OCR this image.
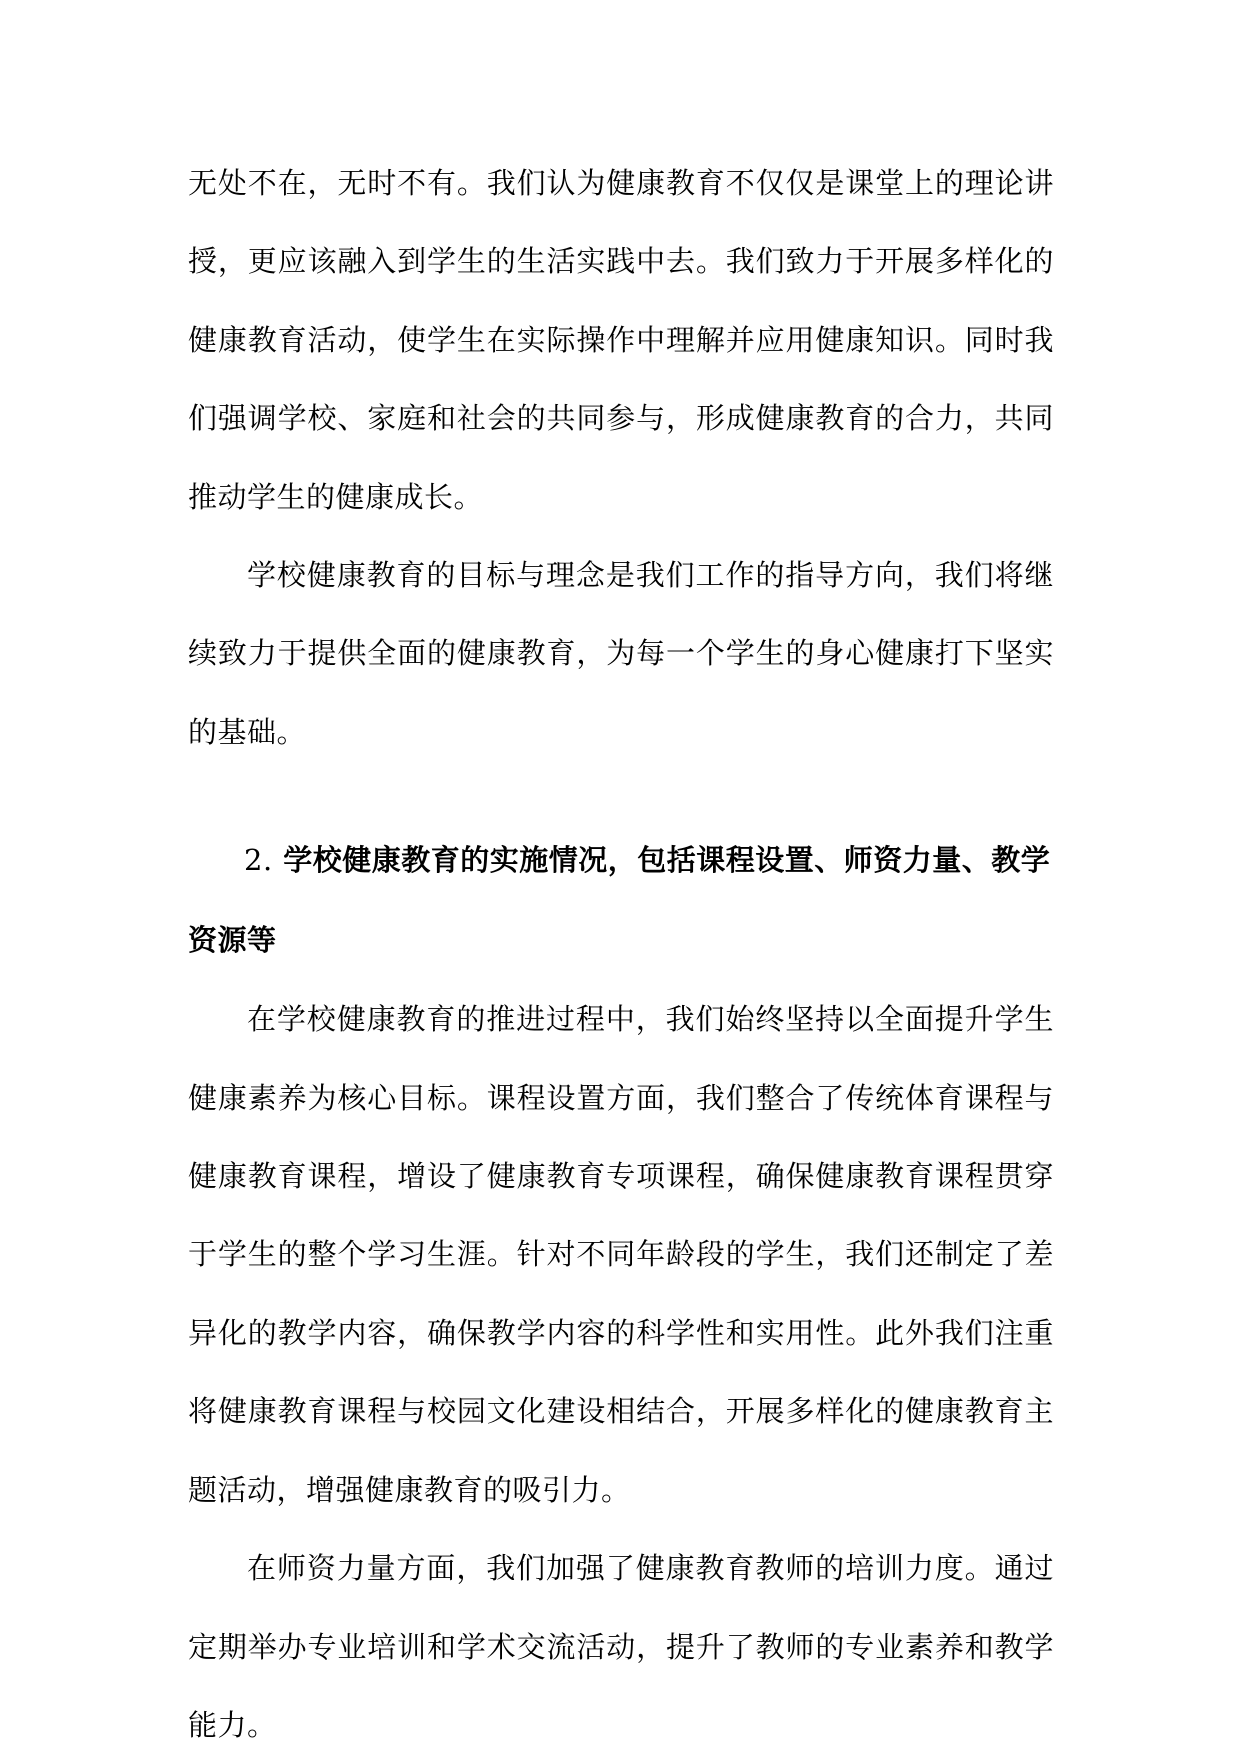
无处不在，无时不有。我们认为健康教育不仅仅是课堂上的理论讲授，更应该融入到学生的生活实践中去。我们致力于开展多样化的健康教育活动，使学生在实际操作中理解并应用健康知识。同时我们强调学校、家庭和社会的共同参与，形成健康教育的合力，共同推动学生的健康成长。

学校健康教育的目标与理念是我们工作的指导方向，我们将继续致力于提供全面的健康教育，为每一个学生的身心健康打下坚实的基础。

2. 学校健康教育的实施情况，包括课程设置、师资力量、教学资源等

在学校健康教育的推进过程中，我们始终坚持以全面提升学生健康素养为核心目标。课程设置方面，我们整合了传统体育课程与健康教育课程，增设了健康教育专项课程，确保健康教育课程贯穿于学生的整个学习生涯。针对不同年龄段的学生，我们还制定了差异化的教学内容，确保教学内容的科学性和实用性。此外我们注重将健康教育课程与校园文化建设相结合，开展多样化的健康教育主题活动，增强健康教育的吸引力。

在师资力量方面，我们加强了健康教育教师的培训力度。通过定期举办专业培训和学术交流活动，提升了教师的专业素养和教学能力。
